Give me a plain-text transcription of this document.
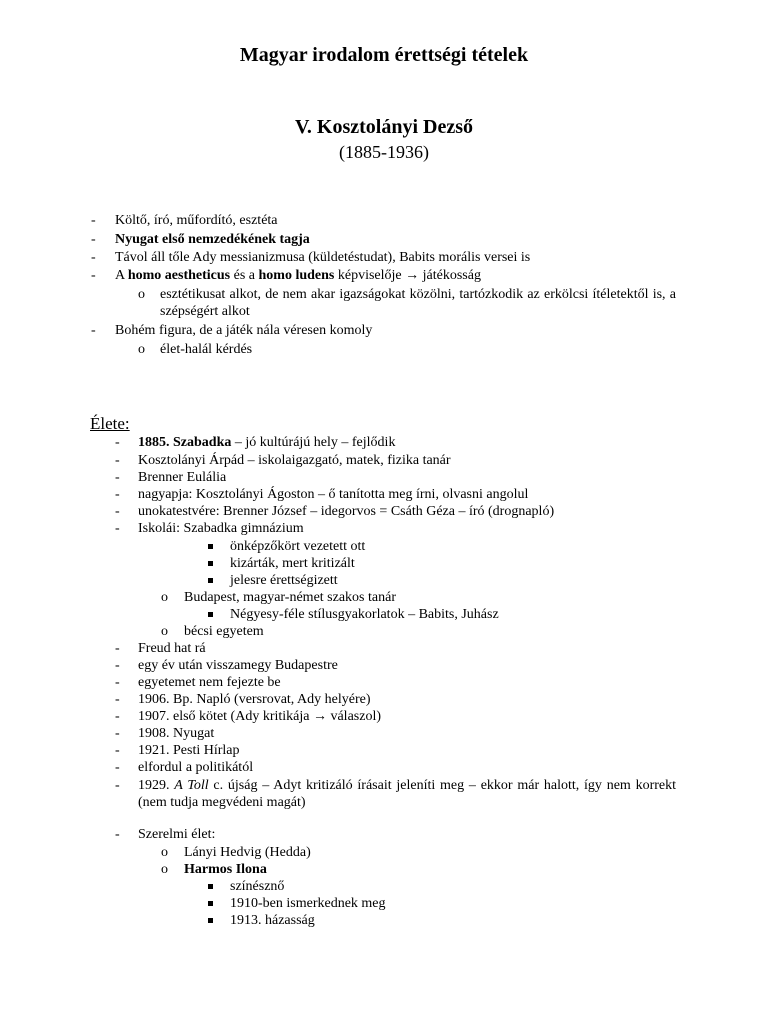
Magyar irodalom érettségi tételek
V. Kosztolányi Dezső
(1885-1936)
- Költő, író, műfordító, esztéta
- Nyugat első nemzedékének tagja
- Távol áll tőle Ady messianizmusa (küldetéstudat), Babits morális versei is
- A homo aestheticus és a homo ludens képviselője → játékosság
o esztétikusat alkot, de nem akar igazságokat közölni, tartózkodik az erkölcsi ítéletektől is, a szépségért alkot
- Bohém figura, de a játék nála véresen komoly
o élet-halál kérdés
Élete:
- 1885. Szabadka – jó kultúrájú hely – fejlődik
- Kosztolányi Árpád – iskolaigazgató, matek, fizika tanár
- Brenner Eulália
- nagyapja: Kosztolányi Ágoston – ő tanította meg írni, olvasni angolul
- unokatestvére: Brenner József – idegorvos = Csáth Géza – író (drognapló)
- Iskolái: Szabadka gimnázium
önképzőkört vezetett ott
kizárták, mert kritizált
jelesre érettségizett
o Budapest, magyar-német szakos tanár
Négyesy-féle stílusgyakorlatok – Babits, Juhász
o bécsi egyetem
- Freud hat rá
- egy év után visszamegy Budapestre
- egyetemet nem fejezte be
- 1906. Bp. Napló (versrovat, Ady helyére)
- 1907. első kötet (Ady kritikája → válaszol)
- 1908. Nyugat
- 1921. Pesti Hírlap
- elfordul a politikától
- 1929. A Toll c. újság – Adyt kritizáló írásait jeleníti meg – ekkor már halott, így nem korrekt (nem tudja megvédeni magát)
- Szerelmi élet:
o Lányi Hedvig (Hedda)
o Harmos Ilona
színésznő
1910-ben ismerkednek meg
1913. házasság
